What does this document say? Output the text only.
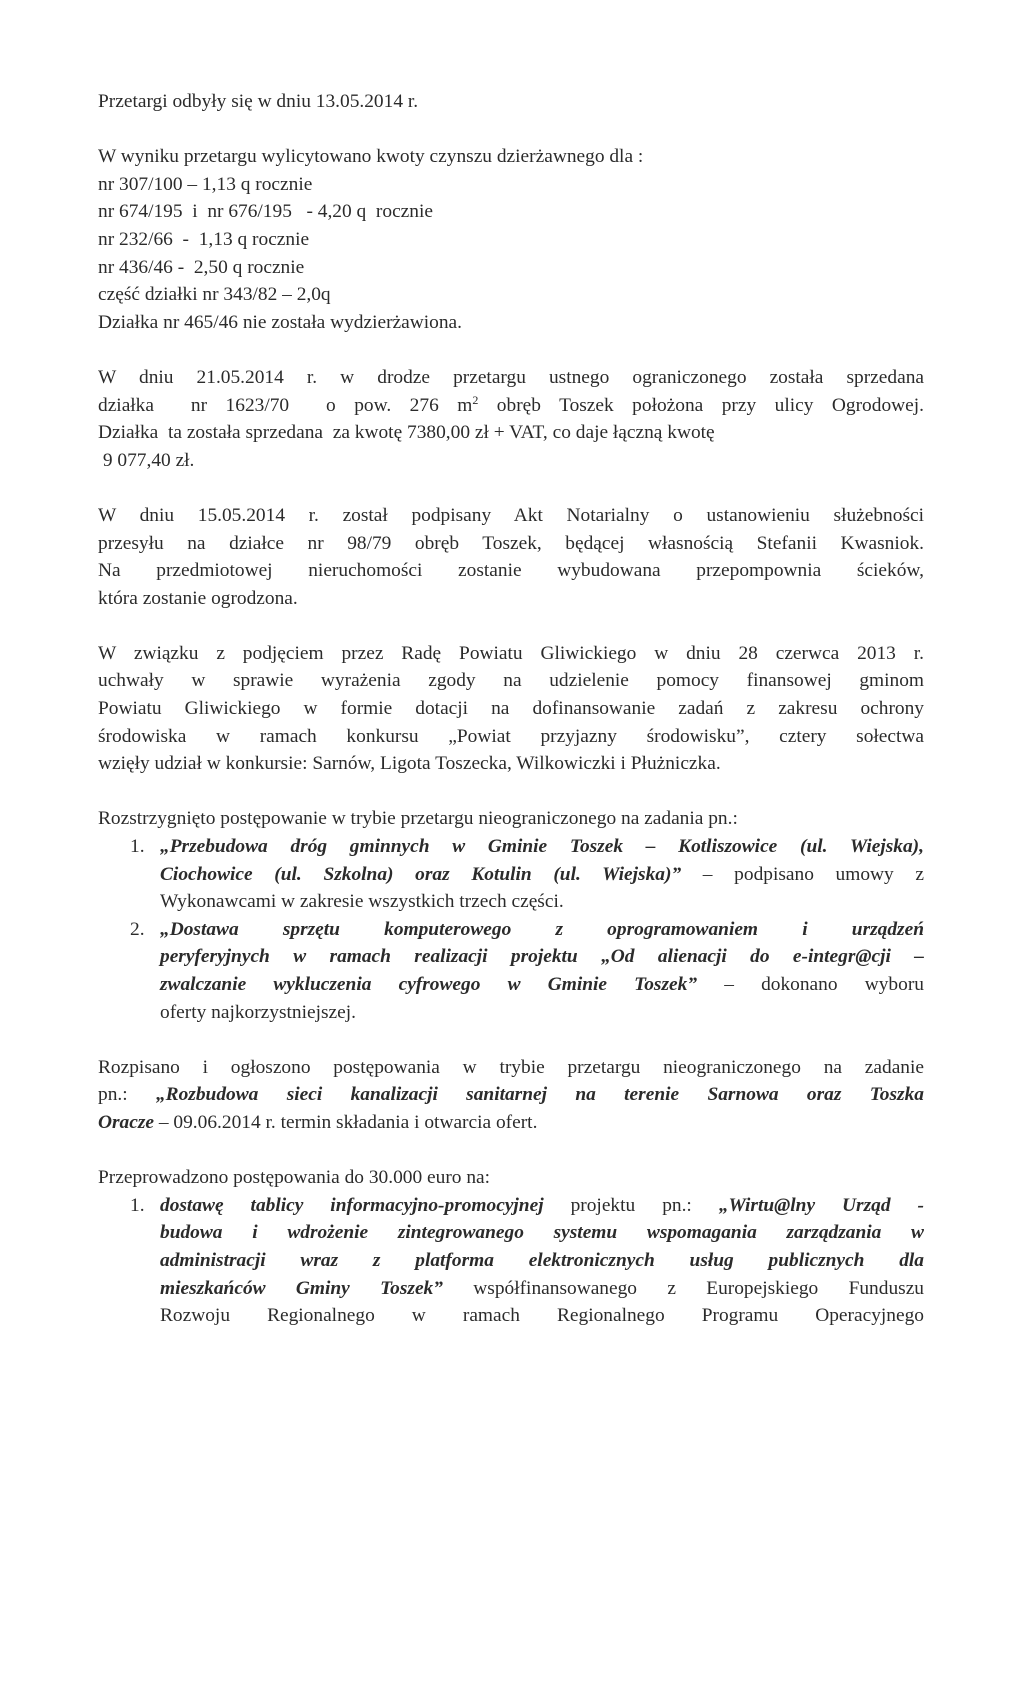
Przetargi odbyły się w dniu 13.05.2014 r.

W wyniku przetargu wylicytowano kwoty czynszu dzierżawnego dla :
nr 307/100 – 1,13 q rocznie
nr 674/195  i  nr 676/195   - 4,20 q  rocznie
nr 232/66  -  1,13 q rocznie
nr 436/46 -  2,50 q rocznie
część działki nr 343/82 – 2,0q
Działka nr 465/46 nie została wydzierżawiona.

W dniu 21.05.2014 r. w drodze przetargu ustnego ograniczonego została sprzedana
działka  nr 1623/70  o pow. 276 $m^2$ obręb Toszek położona przy ulicy Ogrodowej.
Działka  ta została sprzedana  za kwotę 7380,00 zł + VAT, co daje łączną kwotę
9 077,40 zł.

W dniu 15.05.2014 r. został podpisany Akt Notarialny o ustanowieniu służebności
przesyłu na działce nr 98/79 obręb Toszek, będącej własnością Stefanii Kwasniok.
Na przedmiotowej nieruchomości zostanie wybudowana przepompownia ścieków,
która zostanie ogrodzona.

W związku z podjęciem przez Radę Powiatu Gliwickiego w dniu 28 czerwca 2013 r.
uchwały w sprawie wyrażenia zgody na udzielenie pomocy finansowej gminom
Powiatu Gliwickiego w formie dotacji na dofinansowanie zadań z zakresu ochrony
środowiska w ramach konkursu „Powiat przyjazny środowisku”, cztery sołectwa
wzięły udział w konkursie: Sarnów, Ligota Toszecka, Wilkowiczki i Płużniczka.

Rozstrzygnięto postępowanie w trybie przetargu nieograniczonego na zadania pn.:
1. „Przebudowa dróg gminnych w Gminie Toszek – Kotliszowice (ul. Wiejska),
Ciochowice (ul. Szkolna) oraz Kotulin (ul. Wiejska)” – podpisano umowy z
Wykonawcami w zakresie wszystkich trzech części.
2. „Dostawa sprzętu komputerowego z oprogramowaniem i urządzeń
peryferyjnych w ramach realizacji projektu „Od alienacji do e-integr@cji –
zwalczanie wykluczenia cyfrowego w Gminie Toszek” – dokonano wyboru
oferty najkorzystniejszej.

Rozpisano i ogłoszono postępowania w trybie przetargu nieograniczonego na zadanie
pn.: „Rozbudowa sieci kanalizacji sanitarnej na terenie Sarnowa oraz Toszka
Oracze – 09.06.2014 r. termin składania i otwarcia ofert.

Przeprowadzono postępowania do 30.000 euro na:
1. dostawę tablicy informacyjno-promocyjnej projektu pn.: „Wirtu@lny Urząd -
budowa i wdrożenie zintegrowanego systemu wspomagania zarządzania w
administracji wraz z platforma elektronicznych usług publicznych dla
mieszkańców Gminy Toszek” współfinansowanego z Europejskiego Funduszu
Rozwoju Regionalnego w ramach Regionalnego Programu Operacyjnego
